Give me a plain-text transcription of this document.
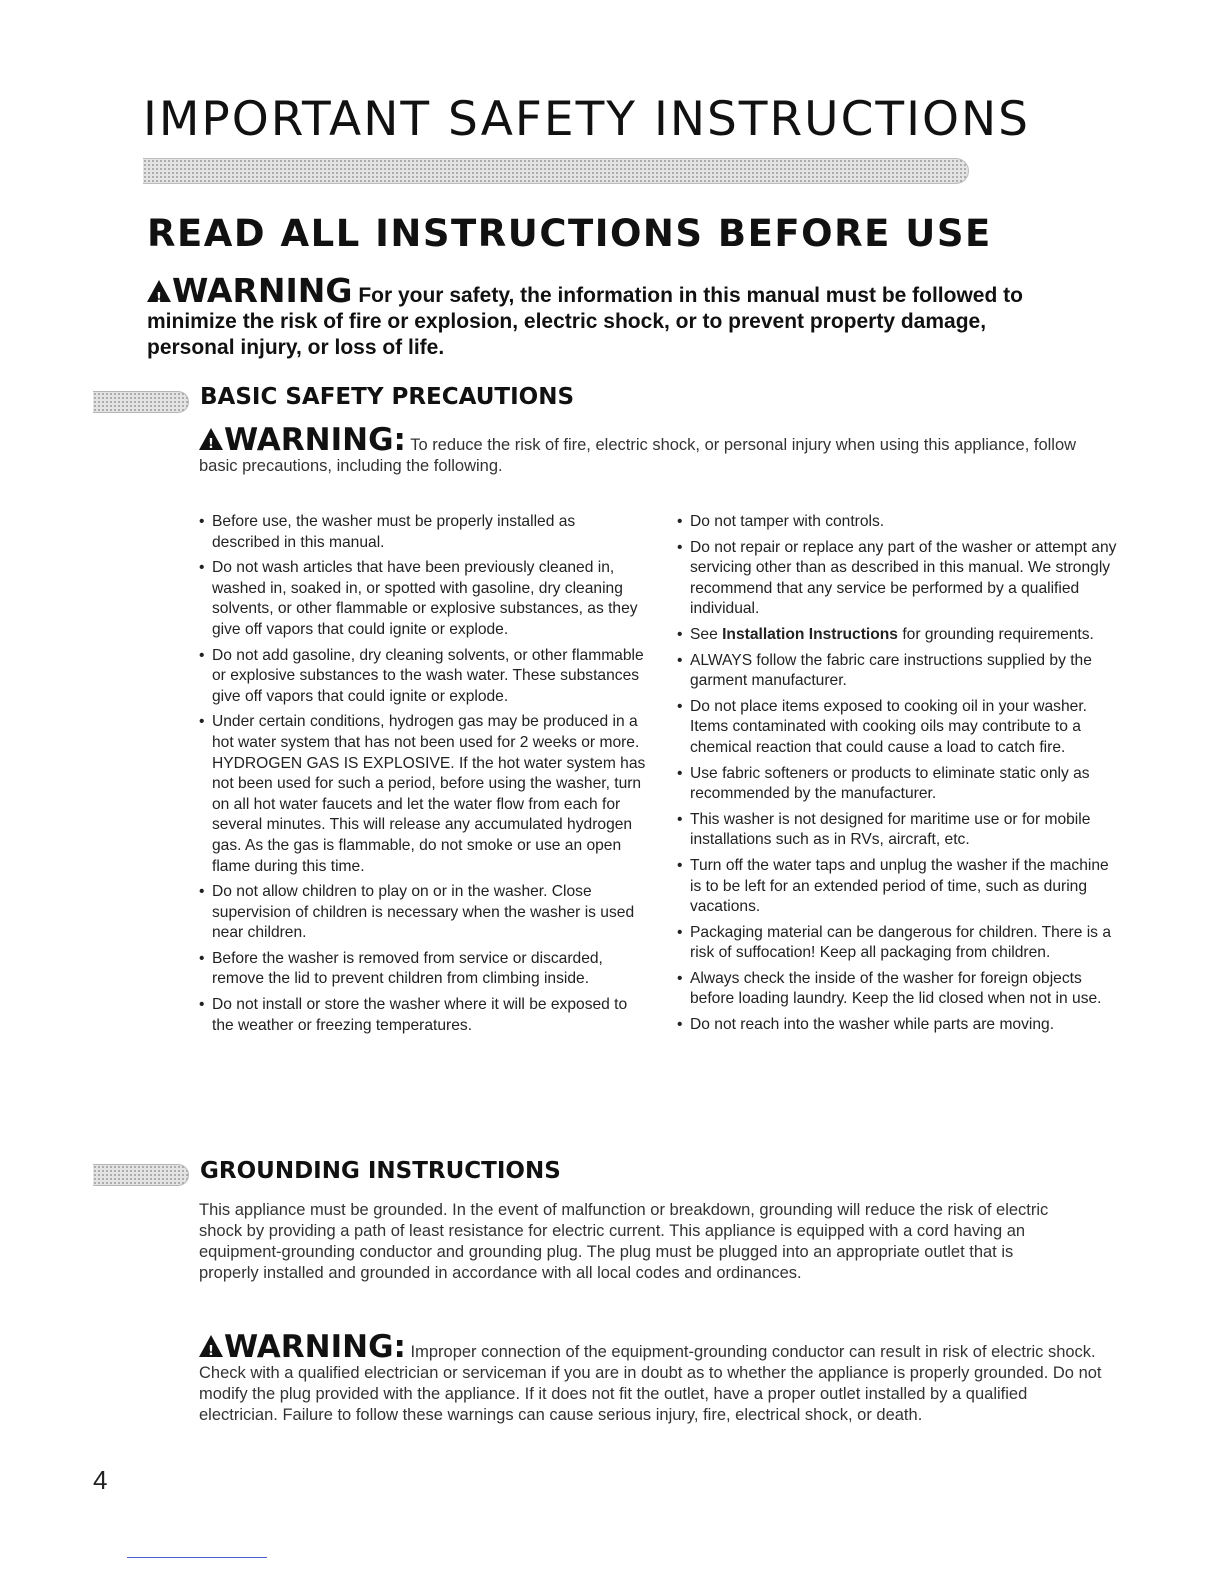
IMPORTANT SAFETY INSTRUCTIONS
READ ALL INSTRUCTIONS BEFORE USE

!WARNING For your safety, the information in this manual must be followed to minimize the risk of fire or explosion, electric shock, or to prevent property damage, personal injury, or loss of life.

BASIC SAFETY PRECAUTIONS

!WARNING: To reduce the risk of fire, electric shock, or personal injury when using this appliance, follow basic precautions, including the following.

• Before use, the washer must be properly installed as described in this manual.
• Do not wash articles that have been previously cleaned in, washed in, soaked in, or spotted with gasoline, dry cleaning solvents, or other flammable or explosive substances, as they give off vapors that could ignite or explode.
• Do not add gasoline, dry cleaning solvents, or other flammable or explosive substances to the wash water. These substances give off vapors that could ignite or explode.
• Under certain conditions, hydrogen gas may be produced in a hot water system that has not been used for 2 weeks or more. HYDROGEN GAS IS EXPLOSIVE. If the hot water system has not been used for such a period, before using the washer, turn on all hot water faucets and let the water flow from each for several minutes. This will release any accumulated hydrogen gas. As the gas is flammable, do not smoke or use an open flame during this time.
• Do not allow children to play on or in the washer. Close supervision of children is necessary when the washer is used near children.
• Before the washer is removed from service or discarded, remove the lid to prevent children from climbing inside.
• Do not install or store the washer where it will be exposed to the weather or freezing temperatures.
• Do not tamper with controls.
• Do not repair or replace any part of the washer or attempt any servicing other than as described in this manual. We strongly recommend that any service be performed by a qualified individual.
• See Installation Instructions for grounding requirements.
• ALWAYS follow the fabric care instructions supplied by the garment manufacturer.
• Do not place items exposed to cooking oil in your washer. Items contaminated with cooking oils may contribute to a chemical reaction that could cause a load to catch fire.
• Use fabric softeners or products to eliminate static only as recommended by the manufacturer.
• This washer is not designed for maritime use or for mobile installations such as in RVs, aircraft, etc.
• Turn off the water taps and unplug the washer if the machine is to be left for an extended period of time, such as during vacations.
• Packaging material can be dangerous for children. There is a risk of suffocation! Keep all packaging from children.
• Always check the inside of the washer for foreign objects before loading laundry. Keep the lid closed when not in use.
• Do not reach into the washer while parts are moving.
GROUNDING INSTRUCTIONS

This appliance must be grounded. In the event of malfunction or breakdown, grounding will reduce the risk of electric shock by providing a path of least resistance for electric current. This appliance is equipped with a cord having an equipment-grounding conductor and grounding plug. The plug must be plugged into an appropriate outlet that is properly installed and grounded in accordance with all local codes and ordinances.

!WARNING: Improper connection of the equipment-grounding conductor can result in risk of electric shock. Check with a qualified electrician or serviceman if you are in doubt as to whether the appliance is properly grounded. Do not modify the plug provided with the appliance. If it does not fit the outlet, have a proper outlet installed by a qualified electrician. Failure to follow these warnings can cause serious injury, fire, electrical shock, or death.

4
